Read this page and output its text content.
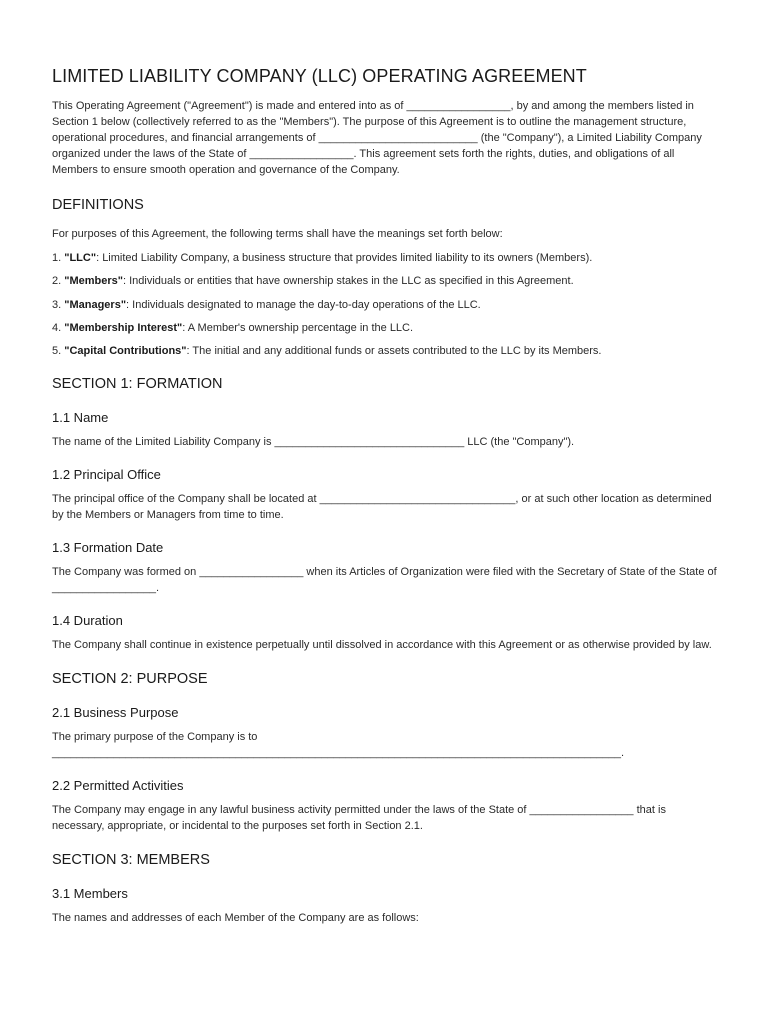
LIMITED LIABILITY COMPANY (LLC) OPERATING AGREEMENT

This Operating Agreement ("Agreement") is made and entered into as of _________________, by and among the members listed in Section 1 below (collectively referred to as the "Members"). The purpose of this Agreement is to outline the management structure, operational procedures, and financial arrangements of __________________________ (the "Company"), a Limited Liability Company organized under the laws of the State of _________________. This agreement sets forth the rights, duties, and obligations of all Members to ensure smooth operation and governance of the Company.

DEFINITIONS

For purposes of this Agreement, the following terms shall have the meanings set forth below:

1. "LLC": Limited Liability Company, a business structure that provides limited liability to its owners (Members).
2. "Members": Individuals or entities that have ownership stakes in the LLC as specified in this Agreement.
3. "Managers": Individuals designated to manage the day-to-day operations of the LLC.
4. "Membership Interest": A Member's ownership percentage in the LLC.
5. "Capital Contributions": The initial and any additional funds or assets contributed to the LLC by its Members.
SECTION 1: FORMATION
1.1 Name

The name of the Limited Liability Company is _______________________________ LLC (the "Company").

1.2 Principal Office

The principal office of the Company shall be located at ________________________________, or at such other location as determined by the Members or Managers from time to time.

1.3 Formation Date

The Company was formed on _________________ when its Articles of Organization were filed with the Secretary of State of the State of _________________.

1.4 Duration

The Company shall continue in existence perpetually until dissolved in accordance with this Agreement or as otherwise provided by law.

SECTION 2: PURPOSE
2.1 Business Purpose

The primary purpose of the Company is to _____________________________________________________________________________________________.

2.2 Permitted Activities

The Company may engage in any lawful business activity permitted under the laws of the State of _________________ that is necessary, appropriate, or incidental to the purposes set forth in Section 2.1.

SECTION 3: MEMBERS
3.1 Members

The names and addresses of each Member of the Company are as follows:
